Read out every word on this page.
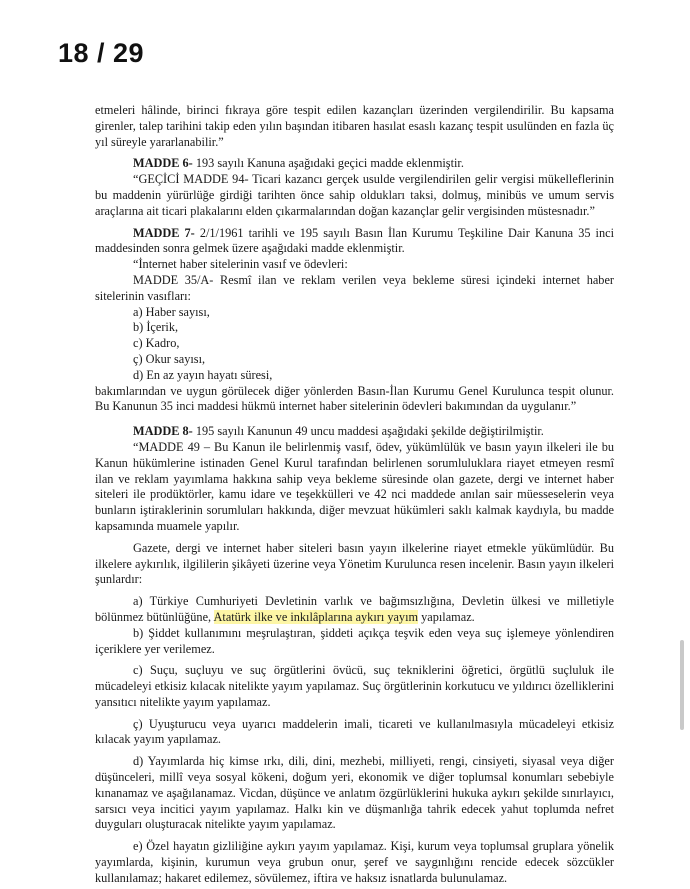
18 / 29

etmeleri hâlinde, birinci fıkraya göre tespit edilen kazançları üzerinden vergilendirilir. Bu kapsama girenler, talep tarihini takip eden yılın başından itibaren hasılat esaslı kazanç tespit usulünden en fazla üç yıl süreyle yararlanabilir.”

MADDE 6- 193 sayılı Kanuna aşağıdaki geçici madde eklenmiştir.

“GEÇİCİ MADDE 94- Ticari kazancı gerçek usulde vergilendirilen gelir vergisi mükelleflerinin bu maddenin yürürlüğe girdiği tarihten önce sahip oldukları taksi, dolmuş, minibüs ve umum servis araçlarına ait ticari plakalarını elden çıkarmalarından doğan kazançlar gelir vergisinden müstesnadır.”

MADDE 7- 2/1/1961 tarihli ve 195 sayılı Basın İlan Kurumu Teşkiline Dair Kanuna 35 inci maddesinden sonra gelmek üzere aşağıdaki madde eklenmiştir.

“İnternet haber sitelerinin vasıf ve ödevleri:

MADDE 35/A- Resmî ilan ve reklam verilen veya bekleme süresi içindeki internet haber sitelerinin vasıfları:

a) Haber sayısı,

b) İçerik,

c) Kadro,

ç) Okur sayısı,

d) En az yayın hayatı süresi,

bakımlarından ve uygun görülecek diğer yönlerden Basın-İlan Kurumu Genel Kurulunca tespit olunur. Bu Kanunun 35 inci maddesi hükmü internet haber sitelerinin ödevleri bakımından da uygulanır.”

MADDE 8- 195 sayılı Kanunun 49 uncu maddesi aşağıdaki şekilde değiştirilmiştir.

“MADDE 49 – Bu Kanun ile belirlenmiş vasıf, ödev, yükümlülük ve basın yayın ilkeleri ile bu Kanun hükümlerine istinaden Genel Kurul tarafından belirlenen sorumluluklara riayet etmeyen resmî ilan ve reklam yayımlama hakkına sahip veya bekleme süresinde olan gazete, dergi ve internet haber siteleri ile prodüktörler, kamu idare ve teşekkülleri ve 42 nci maddede anılan sair müesseselerin veya bunların iştiraklerinin sorumluları hakkında, diğer mevzuat hükümleri saklı kalmak kaydıyla, bu madde kapsamında muamele yapılır.

Gazete, dergi ve internet haber siteleri basın yayın ilkelerine riayet etmekle yükümlüdür. Bu ilkelere aykırılık, ilgililerin şikâyeti üzerine veya Yönetim Kurulunca resen incelenir. Basın yayın ilkeleri şunlardır:

a) Türkiye Cumhuriyeti Devletinin varlık ve bağımsızlığına, Devletin ülkesi ve milletiyle bölünmez bütünlüğüne, Atatürk ilke ve inkılâplarına aykırı yayım yapılamaz.

b) Şiddet kullanımını meşrulaştıran, şiddeti açıkça teşvik eden veya suç işlemeye yönlendiren içeriklere yer verilemez.

c) Suçu, suçluyu ve suç örgütlerini övücü, suç tekniklerini öğretici, örgütlü suçluluk ile mücadeleyi etkisiz kılacak nitelikte yayım yapılamaz. Suç örgütlerinin korkutucu ve yıldırıcı özelliklerini yansıtıcı nitelikte yayım yapılamaz.

ç) Uyuşturucu veya uyarıcı maddelerin imali, ticareti ve kullanılmasıyla mücadeleyi etkisiz kılacak yayım yapılamaz.

d) Yayımlarda hiç kimse ırkı, dili, dini, mezhebi, milliyeti, rengi, cinsiyeti, siyasal veya diğer düşünceleri, millî veya sosyal kökeni, doğum yeri, ekonomik ve diğer toplumsal konumları sebebiyle kınanamaz ve aşağılanamaz. Vicdan, düşünce ve anlatım özgürlüklerini hukuka aykırı şekilde sınırlayıcı, sarsıcı veya incitici yayım yapılamaz. Halkı kin ve düşmanlığa tahrik edecek yahut toplumda nefret duyguları oluşturacak nitelikte yayım yapılamaz.

e) Özel hayatın gizliliğine aykırı yayım yapılamaz. Kişi, kurum veya toplumsal gruplara yönelik yayımlarda, kişinin, kurumun veya grubun onur, şeref ve saygınlığını rencide edecek sözcükler kullanılamaz; hakaret edilemez, sövülemez, iftira ve haksız isnatlarda bulunulamaz.
